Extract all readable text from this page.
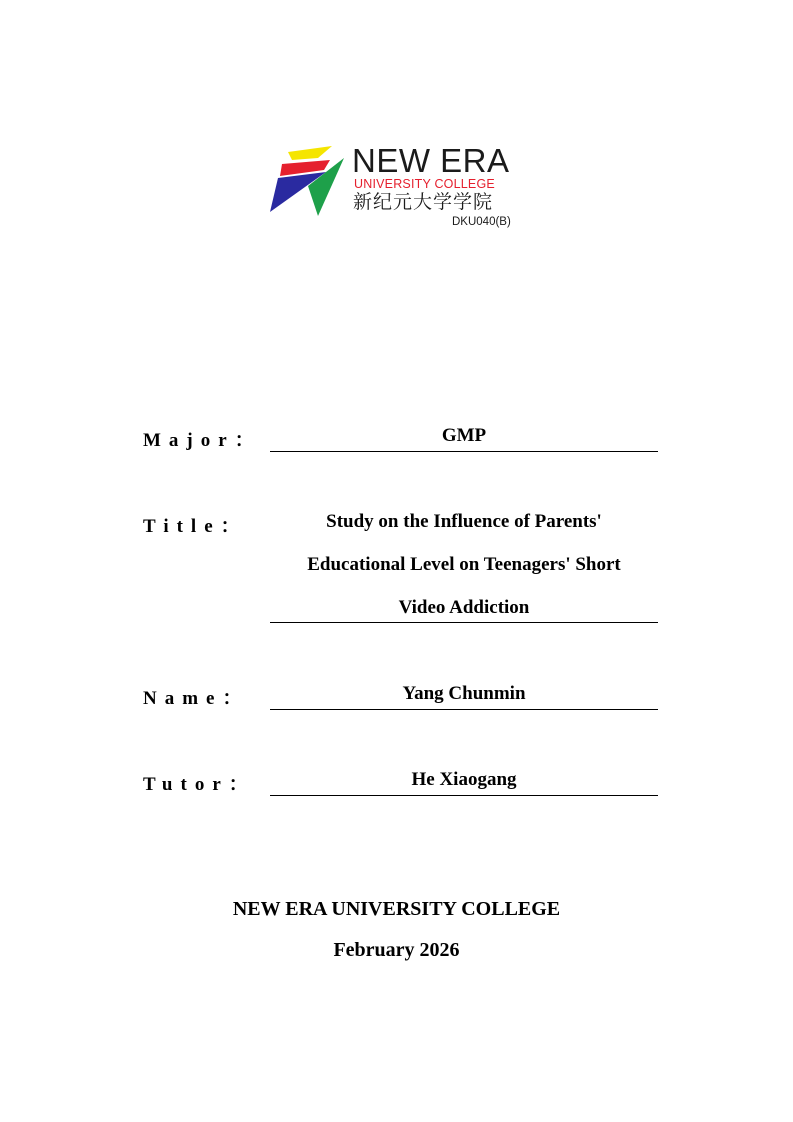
NEW ERA
UNIVERSITY COLLEGE
新纪元大学学院
DKU040(B)
Major：	GMP
Title：	Study on the Influence of Parents'
Educational Level on Teenagers' Short
Video Addiction
Name：	Yang Chunmin
Tutor：	He Xiaogang
NEW ERA UNIVERSITY COLLEGE
February 2026
